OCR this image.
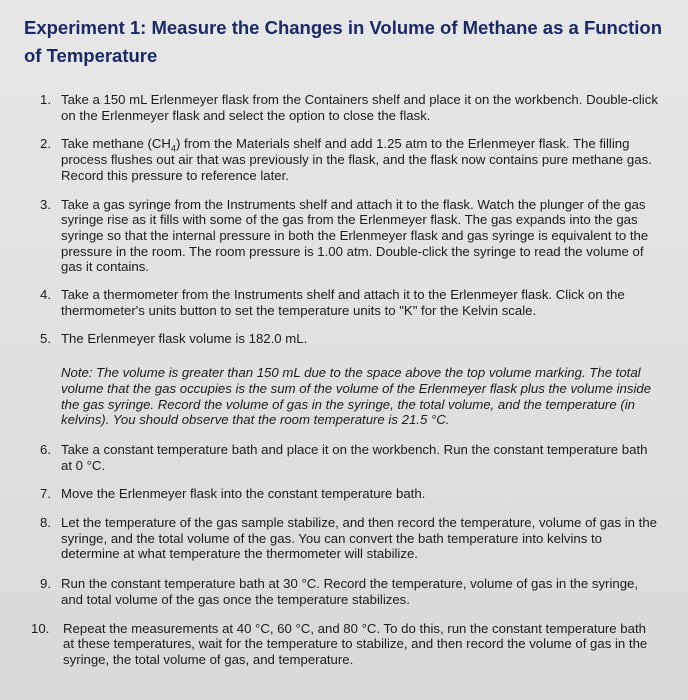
Experiment 1: Measure the Changes in Volume of Methane as a Function of Temperature
1. Take a 150 mL Erlenmeyer flask from the Containers shelf and place it on the workbench. Double-click on the Erlenmeyer flask and select the option to close the flask.
2. Take methane $(CH_4)$ from the Materials shelf and add 1.25 atm to the Erlenmeyer flask. The filling process flushes out air that was previously in the flask, and the flask now contains pure methane gas. Record this pressure to reference later.
3. Take a gas syringe from the Instruments shelf and attach it to the flask. Watch the plunger of the gas syringe rise as it fills with some of the gas from the Erlenmeyer flask. The gas expands into the gas syringe so that the internal pressure in both the Erlenmeyer flask and gas syringe is equivalent to the pressure in the room. The room pressure is 1.00 atm. Double-click the syringe to read the volume of gas it contains.
4. Take a thermometer from the Instruments shelf and attach it to the Erlenmeyer flask. Click on the thermometer's units button to set the temperature units to "K" for the Kelvin scale.
5. The Erlenmeyer flask volume is 182.0 mL.
Note: The volume is greater than 150 mL due to the space above the top volume marking. The total volume that the gas occupies is the sum of the volume of the Erlenmeyer flask plus the volume inside the gas syringe. Record the volume of gas in the syringe, the total volume, and the temperature (in kelvins). You should observe that the room temperature is 21.5 °C.
6. Take a constant temperature bath and place it on the workbench. Run the constant temperature bath at 0 °C.
7. Move the Erlenmeyer flask into the constant temperature bath.
8. Let the temperature of the gas sample stabilize, and then record the temperature, volume of gas in the syringe, and the total volume of the gas. You can convert the bath temperature into kelvins to determine at what temperature the thermometer will stabilize.
9. Run the constant temperature bath at 30 °C. Record the temperature, volume of gas in the syringe, and total volume of the gas once the temperature stabilizes.
10. Repeat the measurements at 40 °C, 60 °C, and 80 °C. To do this, run the constant temperature bath at these temperatures, wait for the temperature to stabilize, and then record the volume of gas in the syringe, the total volume of gas, and temperature.
